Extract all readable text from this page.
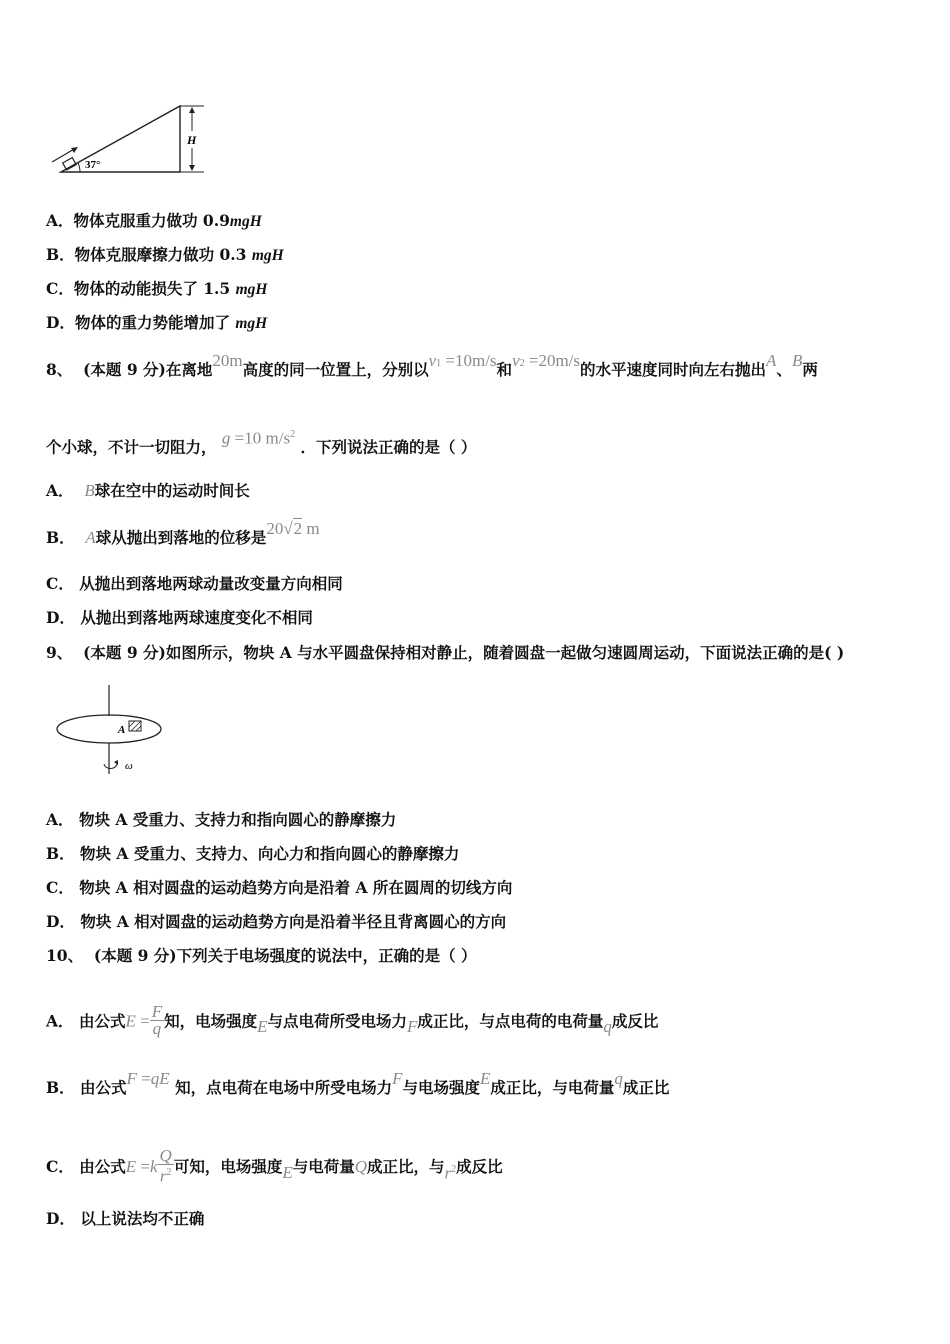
H
37°
A．物体克服重力做功 0.9mgH
B．物体克服摩擦力做功 0.3 mgH
C．物体的动能损失了 1.5 mgH
D．物体的重力势能增加了 mgH
8、 (本题 9 分)在离地20m高度的同一位置上，分别以v1 =10m/s和v2 =20m/s的水平速度同时向左右抛出A、B两
个小球，不计一切阻力， g =10 $m/s^2$ ．下列说法正确的是（ ）
A． B球在空中的运动时间长
B． A球从抛出到落地的位移是20√2 m
C． 从抛出到落地两球动量改变量方向相同
D． 从抛出到落地两球速度变化不相同
9、 (本题 9 分)如图所示，物块 A 与水平圆盘保持相对静止，随着圆盘一起做匀速圆周运动，下面说法正确的是( )
A
ω
A． 物块 A 受重力、支持力和指向圆心的静摩擦力
B． 物块 A 受重力、支持力、向心力和指向圆心的静摩擦力
C． 物块 A 相对圆盘的运动趋势方向是沿着 A 所在圆周的切线方向
D． 物块 A 相对圆盘的运动趋势方向是沿着半径且背离圆心的方向
10、 (本题 9 分)下列关于电场强度的说法中，正确的是（ ）
A． 由公式$E = \frac{F}{q}$ 知，电场强度E与点电荷所受电场力F成正比，与点电荷的电荷量q成反比
B． 由公式F =qE 知，点电荷在电场中所受电场力F与电场强度E成正比，与电荷量q成正比
C． 由公式$E =k \frac{Q}{r^2}$ 可知，电场强度E与电荷量Q成正比，与$r^2$成反比
D． 以上说法均不正确
